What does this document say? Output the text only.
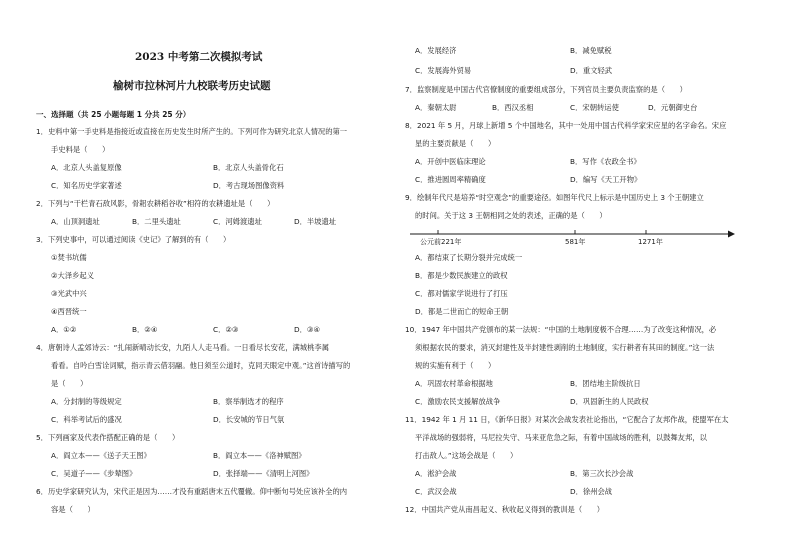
2023 中考第二次模拟考试
榆树市拉林河片九校联考历史试题
一、选择题（共 25 小题每题 1 分共 25 分）
1．史料中第一手史料是指接近或直接在历史发生时所产生的。下列可作为研究北京人情况的第一
手史料是（　　）
A．北京人头盖复原像	B．北京人头盖骨化石
C．知名历史学家著述	D．考古现场图像资料
2．下列与“干栏青石敌风影，骨耜农耕稻谷收”相符的农耕遗址是（　　）
A．山顶洞遗址	B．二里头遗址	C．河姆渡遗址	D．半坡遗址
3．下列史事中，可以通过阅读《史记》了解到的有（　　）
①焚书坑儒
②大泽乡起义
③光武中兴
④西晋统一
A．①②	B．②④	C．②③	D．③④
4．唐朝诗人孟郊诗云：“扎闹新晴动长安，九陌人人走马看。一日看尽长安花，满城桃李属
看看。自吟白雪诠词赋，指示青云借羽翮。他日须至公道时，克同天眼定中观。”这首诗描写的
是（　　）
A．分封制的等级规定	B．察举制选才的程序
C．科举考试后的盛况	D．长安城的节日气氛
5．下列画家及代表作搭配正确的是（　　）
A．阎立本——《送子天王图》	B．阎立本——《洛神赋图》
C．吴道子——《步辇图》	D．张择端——《清明上河图》
6．历史学家研究认为，宋代正是因为……才没有重蹈唐末五代覆辙。仰中断句号处应该补全的内
容是（　　）
A．发展经济	B．减免赋税
C．发展海外贸易	D．重文轻武
7．监察制度是中国古代官僚制度的重要组成部分，下列官员主要负责监察的是（　　）
A．秦朝太尉	B．西汉丞相	C．宋朝转运使	D．元朝御史台
8．2021 年 5 月，月球上新增 5 个中国地名，其中一处用中国古代科学家宋应星的名字命名。宋应
星的主要贡献是（　　）
A．开创中医临床理论	B．写作《农政全书》
C．推进圆周率精确度	D．编写《天工开物》
9．绘制年代尺是培养“时空观念”的重要途径。如图年代尺上标示是中国历史上 3 个王朝建立
的时间。关于这 3 王朝相同之处的表述，正确的是（　　）
公元前221年	581年	1271年
A．都结束了长期分裂并完成统一
B．都是少数民族建立的政权
C．都对儒家学说进行了打压
D．都是二世而亡的短命王朝
10．1947 年中国共产党颁布的某一法规：“中国的土地制度极不合理……为了改变这种情况，必
须根据农民的要求，消灭封建性及半封建性剥削的土地制度，实行耕者有其田的制度。”这一法
规的实施有利于（　　）
A．巩固农村革命根据地	B．团结地主阶级抗日
C．激励农民支援解放战争	D．巩固新生的人民政权
11．1942 年 1 月 11 日，《新华日报》对某次会战发表社论指出，“它配合了友邦作战，使盟军在太
平洋战场的强弱将，马尼拉失守、马来亚危急之际，有着中国战场的胜利，以鼓舞友邦，以
打击敌人。”这场会战是（　　）
A．淞沪会战	B．第三次长沙会战
C．武汉会战	D．徐州会战
12．中国共产党从南昌起义、秋收起义得到的教训是（　　）
